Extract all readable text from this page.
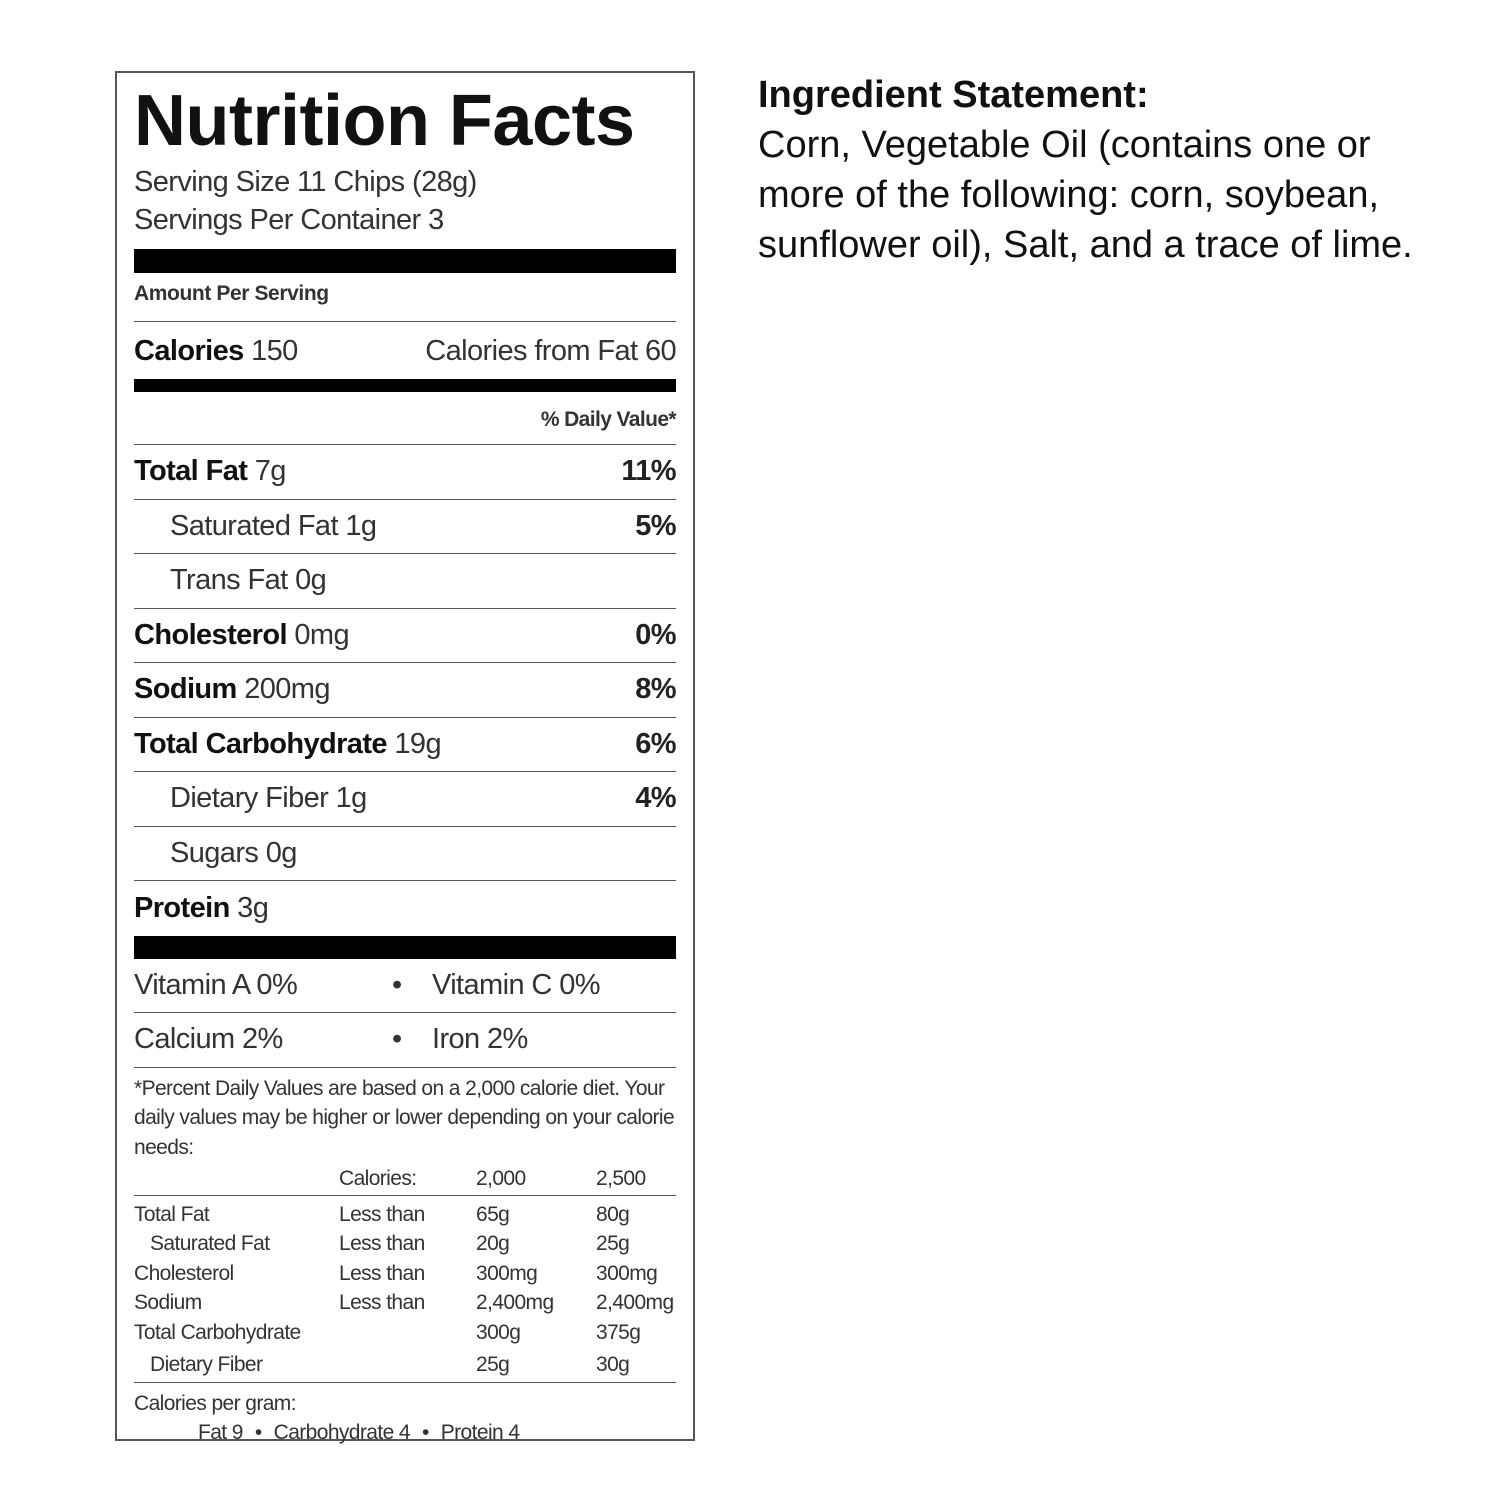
Nutrition Facts
Serving Size 11 Chips (28g)
Servings Per Container 3
Amount Per Serving
Calories 150	Calories from Fat 60
% Daily Value*
Total Fat 7g	11%
Saturated Fat 1g	5%
Trans Fat 0g
Cholesterol 0mg	0%
Sodium 200mg	8%
Total Carbohydrate 19g	6%
Dietary Fiber 1g	4%
Sugars 0g
Protein 3g
Vitamin A 0%	•	Vitamin C 0%
Calcium 2%	•	Iron 2%
*Percent Daily Values are based on a 2,000 calorie diet. Your daily values may be higher or lower depending on your calorie needs:
	Calories:	2,000	2,500
Total Fat	Less than	65g	80g
Saturated Fat	Less than	20g	25g
Cholesterol	Less than	300mg	300mg
Sodium	Less than	2,400mg	2,400mg
Total Carbohydrate		300g	375g
Dietary Fiber		25g	30g
Calories per gram:
Fat 9 • Carbohydrate 4 • Protein 4
Ingredient Statement:
Corn, Vegetable Oil (contains one or more of the following: corn, soybean, sunflower oil), Salt, and a trace of lime.
